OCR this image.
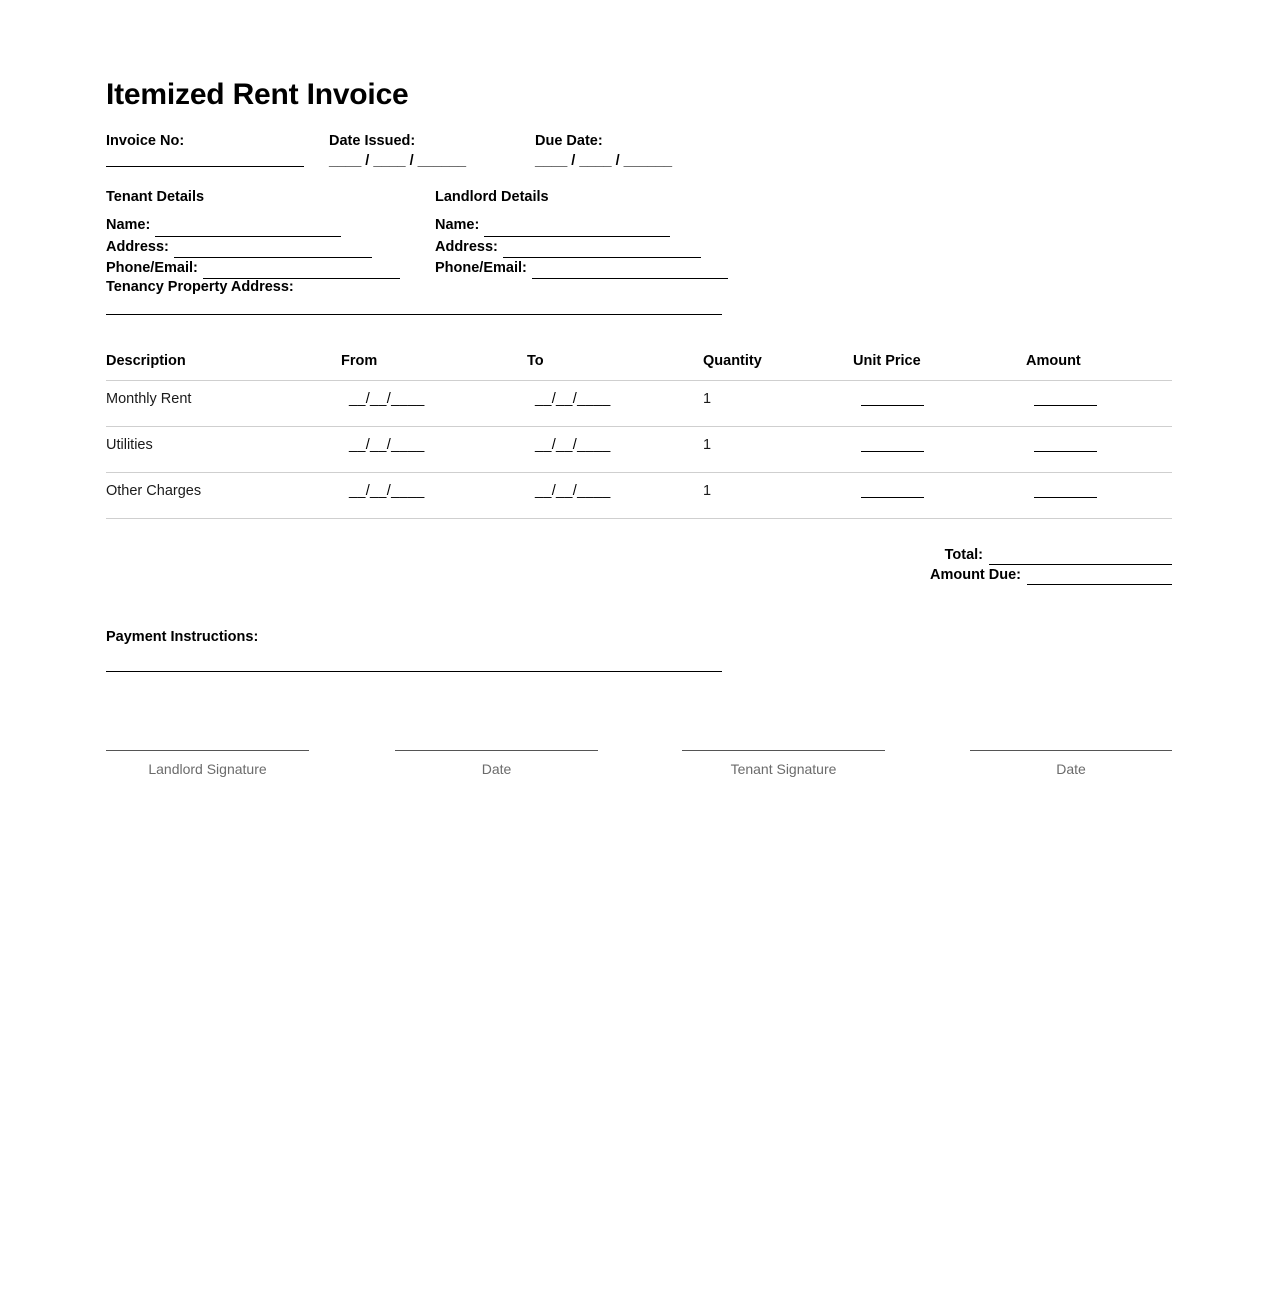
Itemized Rent Invoice
Invoice No:	Date Issued:
____ / ____ / ______
Due Date:
____ / ____ / ______
Tenant Details
Name:
Address:
Phone/Email:
Landlord Details
Name:
Address:
Phone/Email:
Tenancy Property Address:
Description	From	To	Quantity	Unit Price	Amount
Monthly Rent	__/__/____	__/__/____	1		
Utilities	__/__/____	__/__/____	1		
Other Charges	__/__/____	__/__/____	1		
Total:
Amount Due:
Payment Instructions:
Landlord Signature	Date	Tenant Signature	Date
